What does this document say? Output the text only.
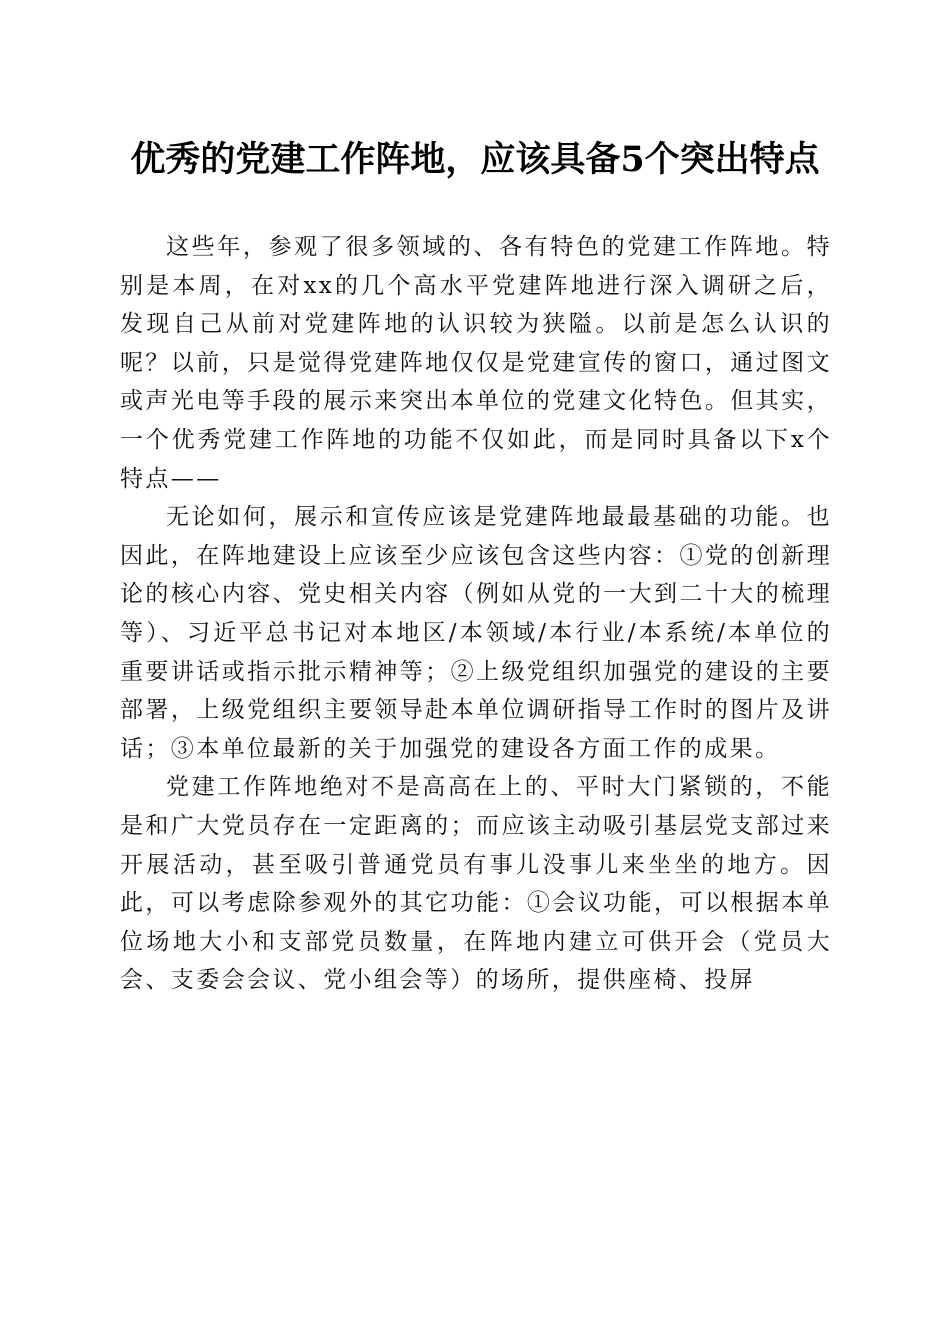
优秀的党建工作阵地，应该具备5个突出特点

这些年，参观了很多领域的、各有特色的党建工作阵地。特别是本周，在对xx的几个高水平党建阵地进行深入调研之后，发现自己从前对党建阵地的认识较为狭隘。以前是怎么认识的呢？以前，只是觉得党建阵地仅仅是党建宣传的窗口，通过图文或声光电等手段的展示来突出本单位的党建文化特色。但其实，一个优秀党建工作阵地的功能不仅如此，而是同时具备以下x个特点——

无论如何，展示和宣传应该是党建阵地最最基础的功能。也因此，在阵地建设上应该至少应该包含这些内容：①党的创新理论的核心内容、党史相关内容（例如从党的一大到二十大的梳理等）、习近平总书记对本地区/本领域/本行业/本系统/本单位的重要讲话或指示批示精神等；②上级党组织加强党的建设的主要部署，上级党组织主要领导赴本单位调研指导工作时的图片及讲话；③本单位最新的关于加强党的建设各方面工作的成果。

党建工作阵地绝对不是高高在上的、平时大门紧锁的，不能是和广大党员存在一定距离的；而应该主动吸引基层党支部过来开展活动，甚至吸引普通党员有事儿没事儿来坐坐的地方。因此，可以考虑除参观外的其它功能：①会议功能，可以根据本单位场地大小和支部党员数量，在阵地内建立可供开会（党员大会、支委会会议、党小组会等）的场所，提供座椅、投屏
